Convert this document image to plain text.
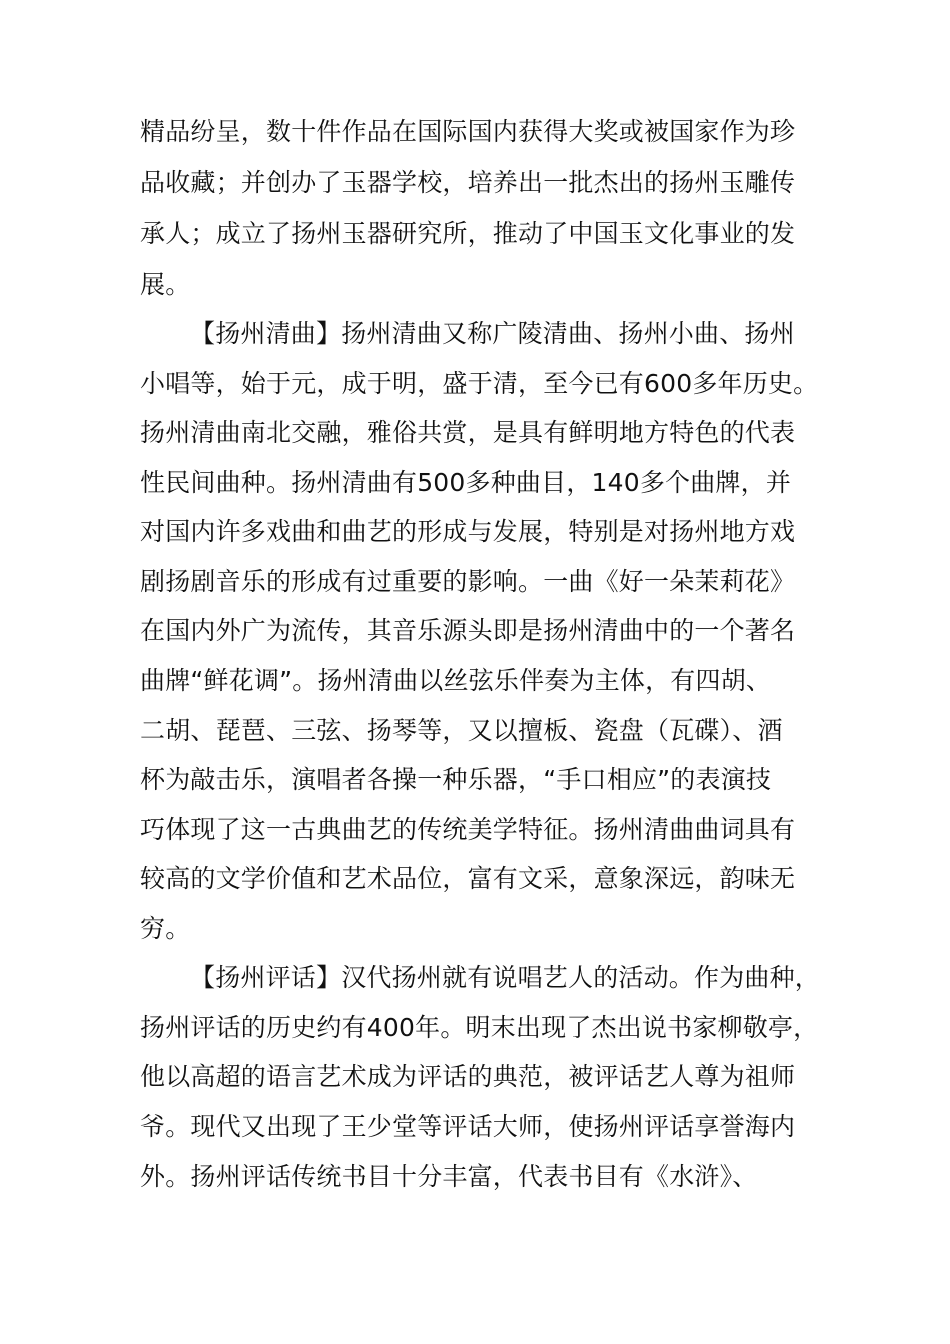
精品纷呈，数十件作品在国际国内获得大奖或被国家作为珍
品收藏；并创办了玉器学校，培养出一批杰出的扬州玉雕传
承人；成立了扬州玉器研究所，推动了中国玉文化事业的发
展。
【扬州清曲】扬州清曲又称广陵清曲、扬州小曲、扬州
小唱等，始于元，成于明，盛于清，至今已有600多年历史。
扬州清曲南北交融，雅俗共赏，是具有鲜明地方特色的代表
性民间曲种。扬州清曲有500多种曲目，140多个曲牌，并
对国内许多戏曲和曲艺的形成与发展，特别是对扬州地方戏
剧扬剧音乐的形成有过重要的影响。一曲《好一朵茉莉花》
在国内外广为流传，其音乐源头即是扬州清曲中的一个著名
曲牌“鲜花调”。扬州清曲以丝弦乐伴奏为主体，有四胡、
二胡、琵琶、三弦、扬琴等，又以擅板、瓷盘（瓦碟）、酒
杯为敲击乐，演唱者各操一种乐器，“手口相应”的表演技
巧体现了这一古典曲艺的传统美学特征。扬州清曲曲词具有
较高的文学价值和艺术品位，富有文采，意象深远，韵味无
穷。
【扬州评话】汉代扬州就有说唱艺人的活动。作为曲种，
扬州评话的历史约有400年。明末出现了杰出说书家柳敬亭，
他以高超的语言艺术成为评话的典范，被评话艺人尊为祖师
爷。现代又出现了王少堂等评话大师，使扬州评话享誉海内
外。扬州评话传统书目十分丰富，代表书目有《水浒》、
